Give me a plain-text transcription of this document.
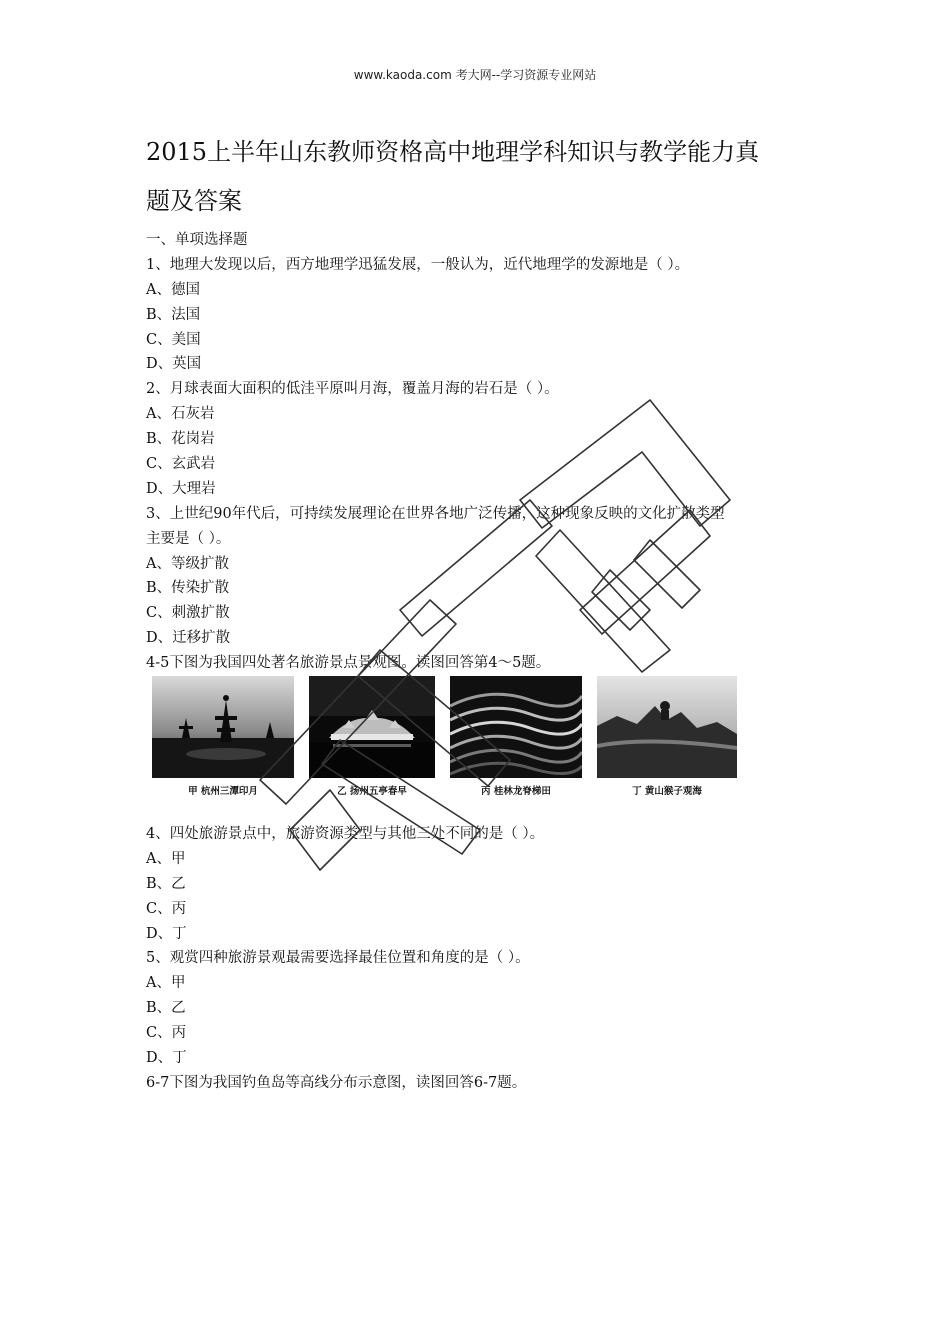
www.kaoda.com 考大网--学习资源专业网站
2015上半年山东教师资格高中地理学科知识与教学能力真
题及答案
一、单项选择题
1、地理大发现以后，西方地理学迅猛发展，一般认为，近代地理学的发源地是（ ）。
A、德国
B、法国
C、美国
D、英国
2、月球表面大面积的低洼平原叫月海，覆盖月海的岩石是（ ）。
A、石灰岩
B、花岗岩
C、玄武岩
D、大理岩
3、上世纪90年代后，可持续发展理论在世界各地广泛传播，这种现象反映的文化扩散类型
主要是（ ）。
A、等级扩散
B、传染扩散
C、刺激扩散
D、迁移扩散
4-5下图为我国四处著名旅游景点景观图。读图回答第4～5题。
甲 杭州三潭印月	乙 扬州五亭春早	丙 桂林龙脊梯田	丁 黄山猴子观海
4、四处旅游景点中，旅游资源类型与其他三处不同的是（ ）。
A、甲
B、乙
C、丙
D、丁
5、观赏四种旅游景观最需要选择最佳位置和角度的是（ ）。
A、甲
B、乙
C、丙
D、丁
6-7下图为我国钓鱼岛等高线分布示意图，读图回答6-7题。
